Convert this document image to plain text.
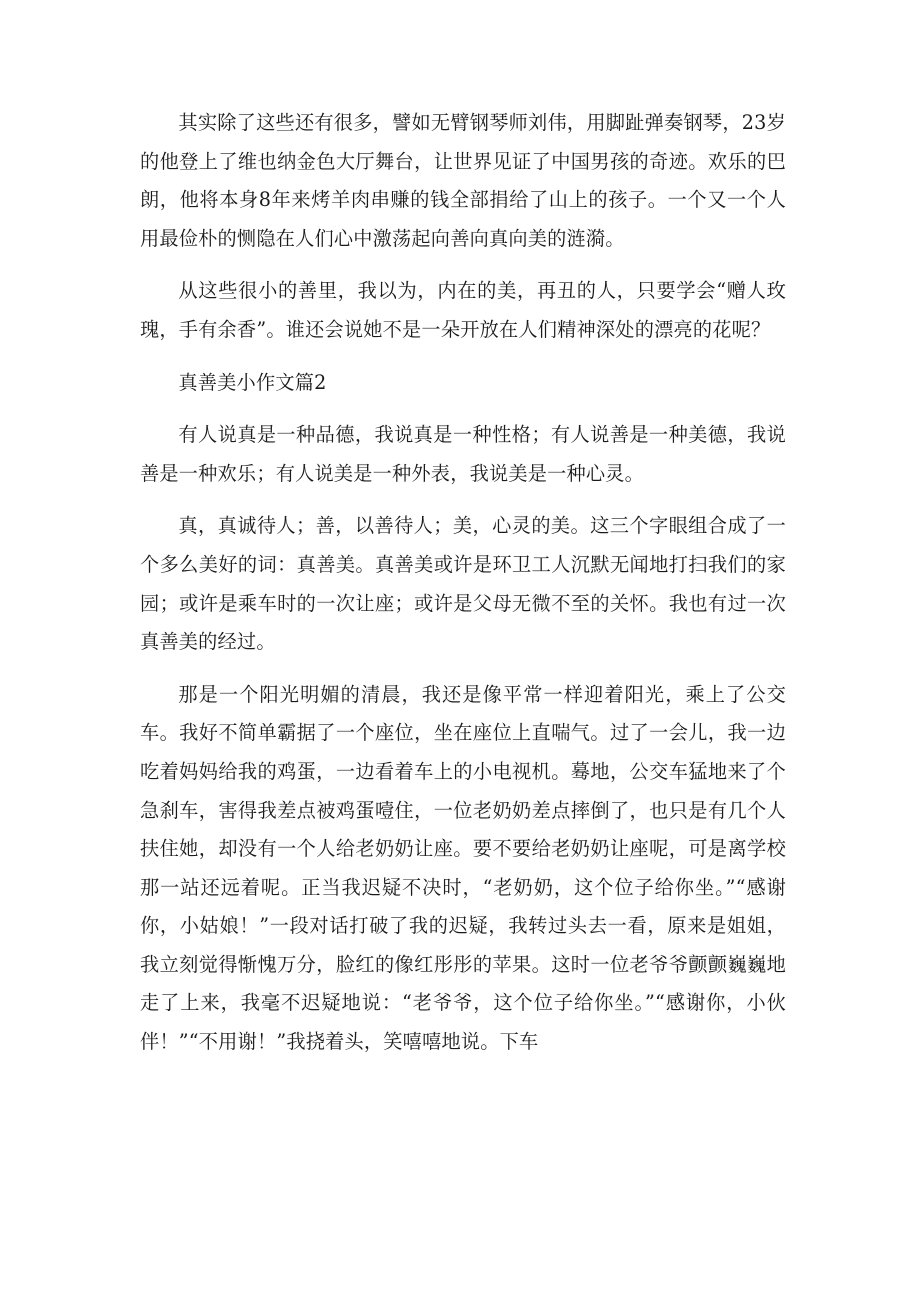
其实除了这些还有很多，譬如无臂钢琴师刘伟，用脚趾弹奏钢琴，23岁的他登上了维也纳金色大厅舞台，让世界见证了中国男孩的奇迹。欢乐的巴朗，他将本身8年来烤羊肉串赚的钱全部捐给了山上的孩子。一个又一个人用最俭朴的恻隐在人们心中激荡起向善向真向美的涟漪。

从这些很小的善里，我以为，内在的美，再丑的人，只要学会“赠人玫瑰，手有余香”。谁还会说她不是一朵开放在人们精神深处的漂亮的花呢？

真善美小作文篇2

有人说真是一种品德，我说真是一种性格；有人说善是一种美德，我说善是一种欢乐；有人说美是一种外表，我说美是一种心灵。

真，真诚待人；善，以善待人；美，心灵的美。这三个字眼组合成了一个多么美好的词：真善美。真善美或许是环卫工人沉默无闻地打扫我们的家园；或许是乘车时的一次让座；或许是父母无微不至的关怀。我也有过一次真善美的经过。

那是一个阳光明媚的清晨，我还是像平常一样迎着阳光，乘上了公交车。我好不简单霸据了一个座位，坐在座位上直喘气。过了一会儿，我一边吃着妈妈给我的鸡蛋，一边看着车上的小电视机。蓦地，公交车猛地来了个急刹车，害得我差点被鸡蛋噎住，一位老奶奶差点摔倒了，也只是有几个人扶住她，却没有一个人给老奶奶让座。要不要给老奶奶让座呢，可是离学校那一站还远着呢。正当我迟疑不决时，“老奶奶，这个位子给你坐。”“感谢你，小姑娘！”一段对话打破了我的迟疑，我转过头去一看，原来是姐姐，我立刻觉得惭愧万分，脸红的像红彤彤的苹果。这时一位老爷爷颤颤巍巍地走了上来，我毫不迟疑地说：“老爷爷，这个位子给你坐。”“感谢你，小伙伴！”“不用谢！”我挠着头，笑嘻嘻地说。下车
